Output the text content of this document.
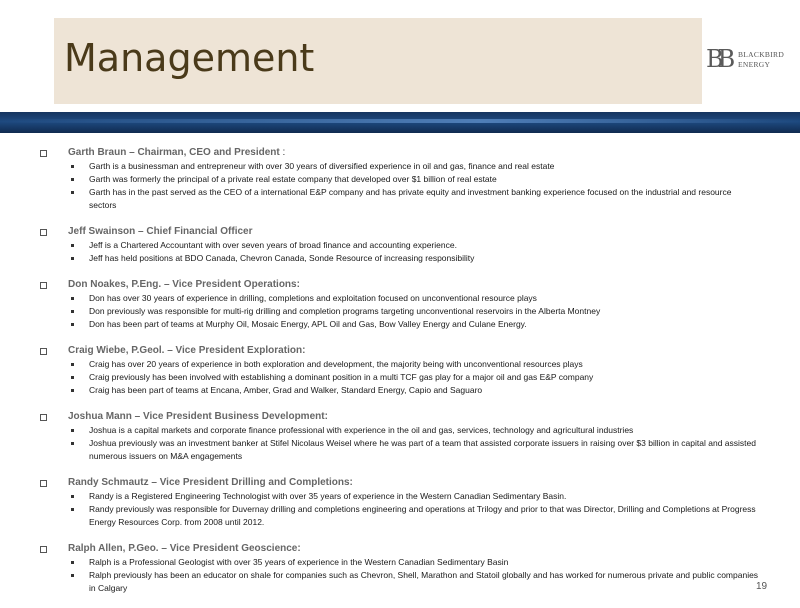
Management	BB BLACKBIRD
ENERGY
Garth Braun – Chairman, CEO and President :
Garth is a businessman and entrepreneur with over 30 years of diversified experience in oil and gas, finance and real estate
Garth was formerly the principal of a private real estate company that developed over $1 billion of real estate
Garth has in the past served as the CEO of a international E&P company and has private equity and investment banking experience focused on the industrial and resource sectors
Jeff Swainson – Chief Financial Officer
Jeff is a Chartered Accountant with over seven years of broad finance and accounting experience.
Jeff has held positions at BDO Canada, Chevron Canada, Sonde Resource of increasing responsibility
Don Noakes, P.Eng. – Vice President Operations:
Don has over 30 years of experience in drilling, completions and exploitation focused on unconventional resource plays
Don previously was responsible for multi-rig drilling and completion programs targeting unconventional reservoirs in the Alberta Montney
Don has been part of teams at Murphy Oil, Mosaic Energy, APL Oil and Gas, Bow Valley Energy and Culane Energy.
Craig Wiebe, P.Geol. – Vice President Exploration:
Craig has over 20 years of experience in both exploration and development, the majority being with unconventional resources plays
Craig previously has been involved with establishing a dominant position in a multi TCF gas play for a major oil and gas E&P company
Craig has been part of teams at Encana, Amber, Grad and Walker, Standard Energy, Capio and Saguaro
Joshua Mann – Vice President Business Development:
Joshua is a capital markets and corporate finance professional with experience in the oil and gas, services, technology and agricultural industries
Joshua previously was an investment banker at Stifel Nicolaus Weisel where he was part of a team that assisted corporate issuers in raising over $3 billion in capital and assisted numerous issuers on M&A engagements
Randy Schmautz – Vice President Drilling and Completions:
Randy is a Registered Engineering Technologist with over 35 years of experience in the Western Canadian Sedimentary Basin.
Randy previously was responsible for Duvernay drilling and completions engineering and operations at Trilogy and prior to that was Director, Drilling and Completions at Progress Energy Resources Corp. from 2008 until 2012.
Ralph Allen, P.Geo. – Vice President Geoscience:
Ralph is a Professional Geologist with over 35 years of experience in the Western Canadian Sedimentary Basin
Ralph previously has been an educator on shale for companies such as Chevron, Shell, Marathon and Statoil globally and has worked for numerous private and public companies in Calgary	19
